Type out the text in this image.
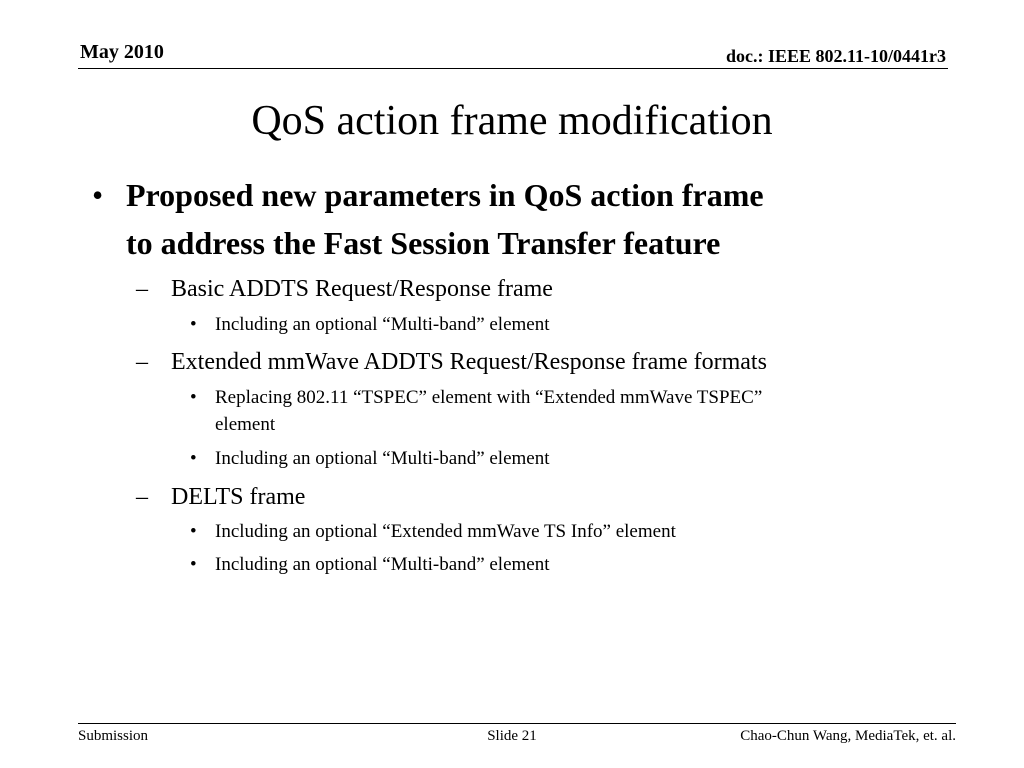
May 2010	doc.: IEEE 802.11-10/0441r3
QoS action frame modification
• Proposed new parameters in QoS action frame
to address the Fast Session Transfer feature
– Basic ADDTS Request/Response frame
• Including an optional “Multi-band” element
– Extended mmWave ADDTS Request/Response frame formats
• Replacing 802.11 “TSPEC” element with “Extended mmWave TSPEC”
element
• Including an optional “Multi-band” element
– DELTS frame
• Including an optional “Extended mmWave TS Info” element
• Including an optional “Multi-band” element
Submission	Slide 21	Chao-Chun Wang, MediaTek, et. al.
